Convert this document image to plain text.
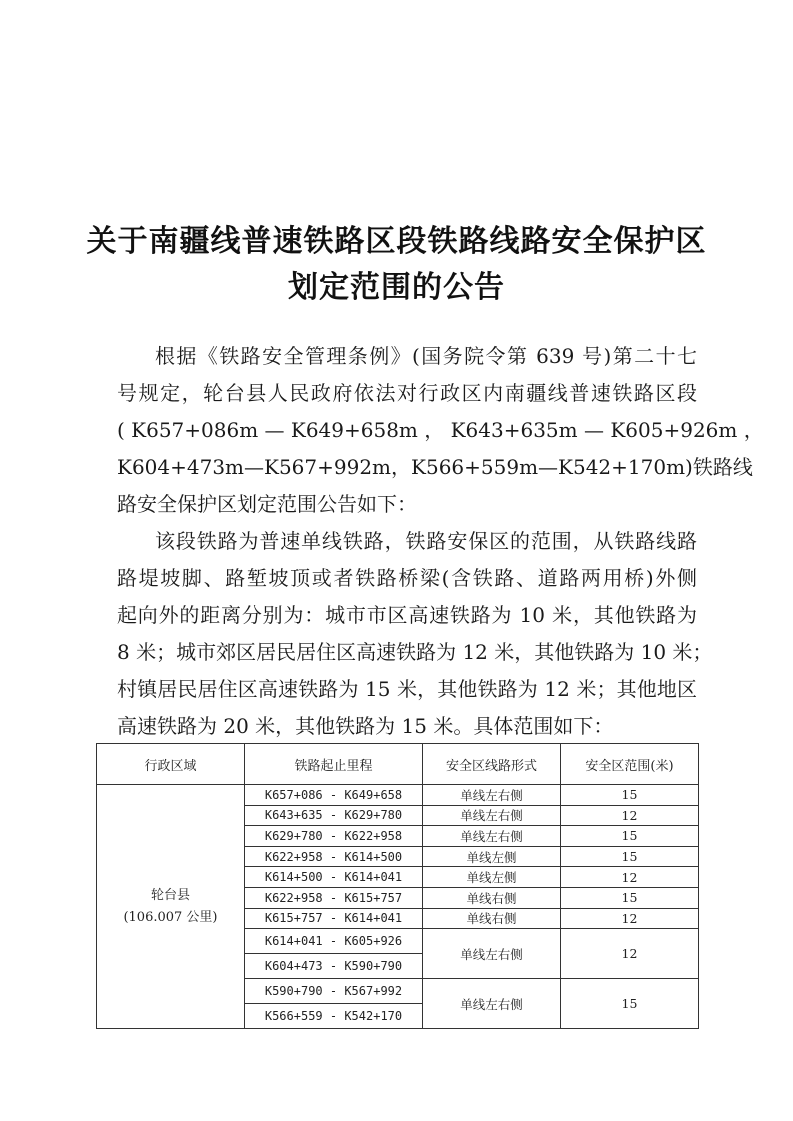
关于南疆线普速铁路区段铁路线路安全保护区
划定范围的公告
根据《铁路安全管理条例》(国务院令第 639 号)第二十七
号规定，轮台县人民政府依法对行政区内南疆线普速铁路区段
( K657+086m — K649+658m ， K643+635m — K605+926m ，
K604+473m—K567+992m，K566+559m—K542+170m)铁路线
路安全保护区划定范围公告如下：
该段铁路为普速单线铁路，铁路安保区的范围，从铁路线路
路堤坡脚、路堑坡顶或者铁路桥梁(含铁路、道路两用桥)外侧
起向外的距离分别为：城市市区高速铁路为 10 米，其他铁路为
8 米；城市郊区居民居住区高速铁路为 12 米，其他铁路为 10 米；
村镇居民居住区高速铁路为 15 米，其他铁路为 12 米；其他地区
高速铁路为 20 米，其他铁路为 15 米。具体范围如下：
行政区域	铁路起止里程	安全区线路形式	安全区范围(米)

轮台县
(106.007 公里)	K657+086 - K649+658	单线左右侧	15
	K643+635 - K629+780	单线左右侧	12
	K629+780 - K622+958	单线左右侧	15
	K622+958 - K614+500	单线左侧	15
	K614+500 - K614+041	单线左侧	12
	K622+958 - K615+757	单线右侧	15
	K615+757 - K614+041	单线右侧	12
	K614+041 - K605+926	单线左右侧	12
	K604+473 - K590+790		
	K590+790 - K567+992	单线左右侧	15
	K566+559 - K542+170		
